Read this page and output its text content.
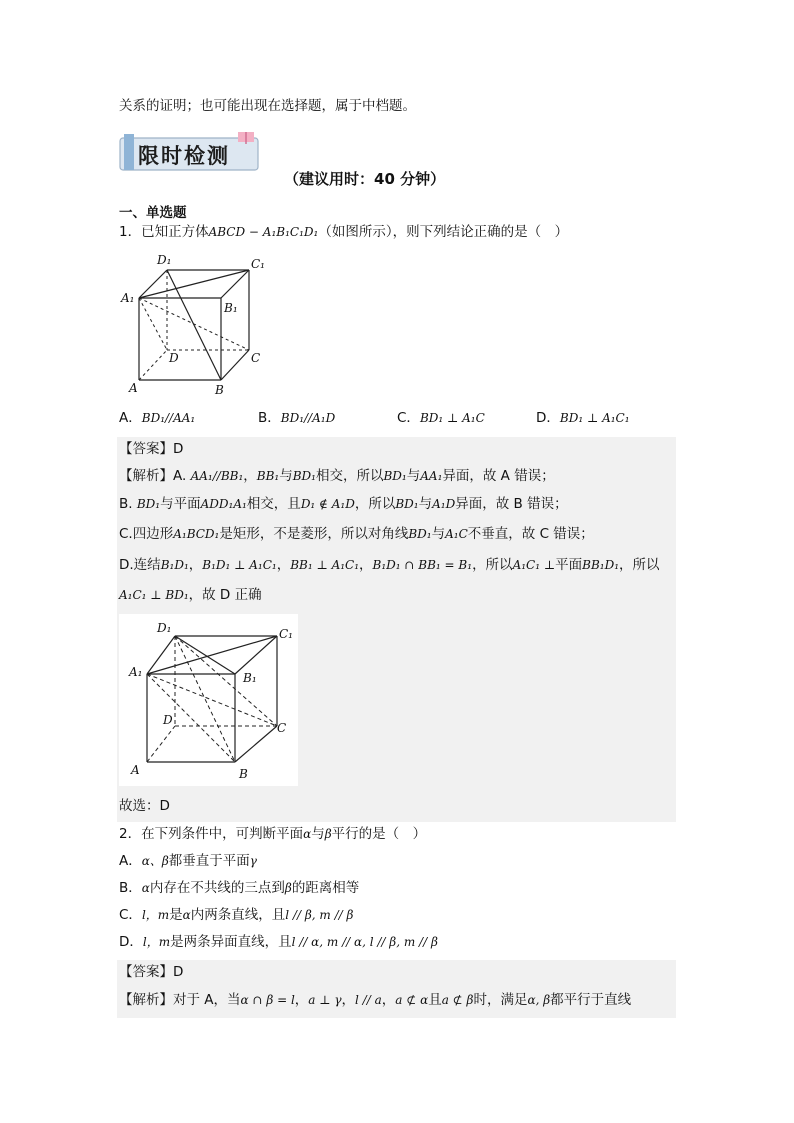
关系的证明；也可能出现在选择题，属于中档题。
限时检测
（建议用时：40 分钟）
一、单选题
1．已知正方体ABCD − A₁B₁C₁D₁（如图所示），则下列结论正确的是（　）
D₁	C₁
A₁
B₁
D	C
A	B
A．BD₁//AA₁	B．BD₁//A₁D	C．BD₁ ⊥ A₁C	D．BD₁ ⊥ A₁C₁
【答案】D
【解析】A. AA₁//BB₁，BB₁与BD₁相交，所以BD₁与AA₁异面，故 A 错误；
B. BD₁与平面ADD₁A₁相交，且D₁ ∉ A₁D，所以BD₁与A₁D异面，故 B 错误；
C.四边形A₁BCD₁是矩形，不是菱形，所以对角线BD₁与A₁C不垂直，故 C 错误；
D.连结B₁D₁，B₁D₁ ⊥ A₁C₁，BB₁ ⊥ A₁C₁，B₁D₁ ∩ BB₁ = B₁，所以A₁C₁ ⊥平面BB₁D₁，所以
A₁C₁ ⊥ BD₁，故 D 正确
D₁	C₁
A₁	B₁
D
C
A	B
故选：D
2．在下列条件中，可判断平面α与β平行的是（　）
A．α、β都垂直于平面γ
B．α内存在不共线的三点到β的距离相等
C．l，m是α内两条直线，且l // β, m // β
D．l，m是两条异面直线，且l // α, m // α, l // β, m // β
【答案】D
【解析】对于 A，当α ∩ β = l，a ⊥ γ，l // a，a ⊄ α且a ⊄ β时，满足α, β都平行于直线
